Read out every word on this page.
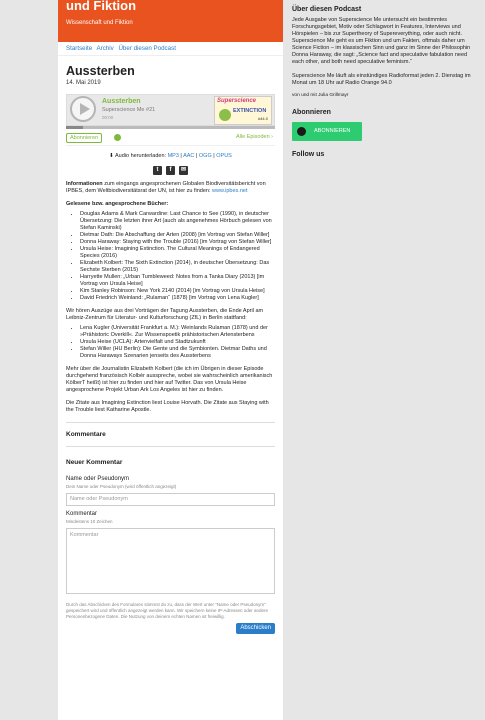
und Fiktion
Wissenschaft und Fiktion
Startseite Archiv Über diesen Podcast
Aussterben
14. Mai 2019
Aussterben
Superscience Me #21
00:00
Superscience
EXTINCTION
#44.0
Abonnieren	Alle Episoden ›
⬇ Audio herunterladen: MP3 | AAC | OGG | OPUS
t f ✉

Informationen zum eingangs angesprochenen Globalen Biodiversitätsbericht von IPBES, dem Weltbiodiversitätsrat der UN, ist hier zu finden: www.ipbes.net

Gelesene bzw. angesprochene Bücher:

• Douglas Adams & Mark Carwardine: Last Chance to See (1990), in deutscher Übersetzung: Die letzten ihrer Art (auch als angenehmes Hörbuch gelesen von Stefan Kaminski)
• Dietmar Dath: Die Abschaffung der Arten (2008) [im Vortrag von Stefan Willer]
• Donna Haraway: Staying with the Trouble (2016) [im Vortrag von Stefan Willer]
• Ursula Heise: Imagining Extinction. The Cultural Meanings of Endangered Species (2016)
• Elizabeth Kolbert: The Sixth Extinction (2014), in deutscher Übersetzung: Das Sechste Sterben (2015)
• Harryette Mullen: „Urban Tumbleweed: Notes from a Tanka Diary (2013) [im Vortrag von Ursula Heise]
• Kim Stanley Robinson: New York 2140 (2014) [im Vortrag von Ursula Heise]
• David Friedrich Weinland: „Rulaman“ (1878) [im Vortrag von Lena Kugler]

Wir hören Auszüge aus drei Vorträgen der Tagung Aussterben, die Ende April am Leibniz-Zentrum für Literatur- und Kulturforschung (ZfL) in Berlin stattfand:

• Lena Kugler (Universität Frankfurt a. M.): Weinlands Rulaman (1878) und der »Prähistoric Overkill«. Zur Wissenspoetik prähistorischen Artensterbens
• Ursula Heise (UCLA): Artenvielfalt und Stadtzukunft
• Stefan Willer (HU Berlin): Die Gente und die Symbionten. Dietmar Daths und Donna Haraways Szenarien jenseits des Aussterbens

Mehr über die Journalistin Elizabeth Kolbert (die ich im Übrigen in dieser Episode durchgehend französisch Kolbèr ausspreche, wobei sie wahrscheinlich amerikanisch KölberT heißt) ist hier zu finden und hier auf Twitter. Das von Ursula Heise angesprochene Projekt Urban Ark Los Angeles ist hier zu finden.

Die Zitate aus Imagining Extinction liest Louise Horvath. Die Zitate aus Staying with the Trouble liest Katharine Apostle.

Kommentare
Neuer Kommentar
Name oder Pseudonym
Dein Name oder Pseudonym (wird öffentlich angezeigt)
Name oder Pseudonym
Kommentar
Mindestens 10 Zeichen
Kommentar
Durch das Abschicken des Formulares stimmst du zu, dass der Wert unter "Name oder Pseudonym" gespeichert wird und öffentlich angezeigt werden kann. Wir speichern keine IP-Adressen oder andere Personenbezogene Daten. Die Nutzung von deinem echten Namen ist freiwillig.
Abschicken
Über diesen Podcast
Jede Ausgabe von Superscience Me untersucht ein bestimmtes Forschungsgebiet, Motiv oder Schlagwort in Features, Interviews und Hörspielen – bis zur Supertheory of Supereverything, oder auch nicht.
Superscience Me geht es um Fiktion und um Fakten, oftmals daher um Science Fiction – im klassischen Sinn und ganz im Sinne der Philosophin Donna Haraway, die sagt: „Science fact and speculative fabulation need each other, and both need speculative feminism.“

Superscience Me läuft als einstündiges Radioformat jeden 2. Dienstag im Monat um 18 Uhr auf Radio Orange 94.0
von und mit Julia Grillmayr
Abonnieren
ABONNIEREN
Follow us
